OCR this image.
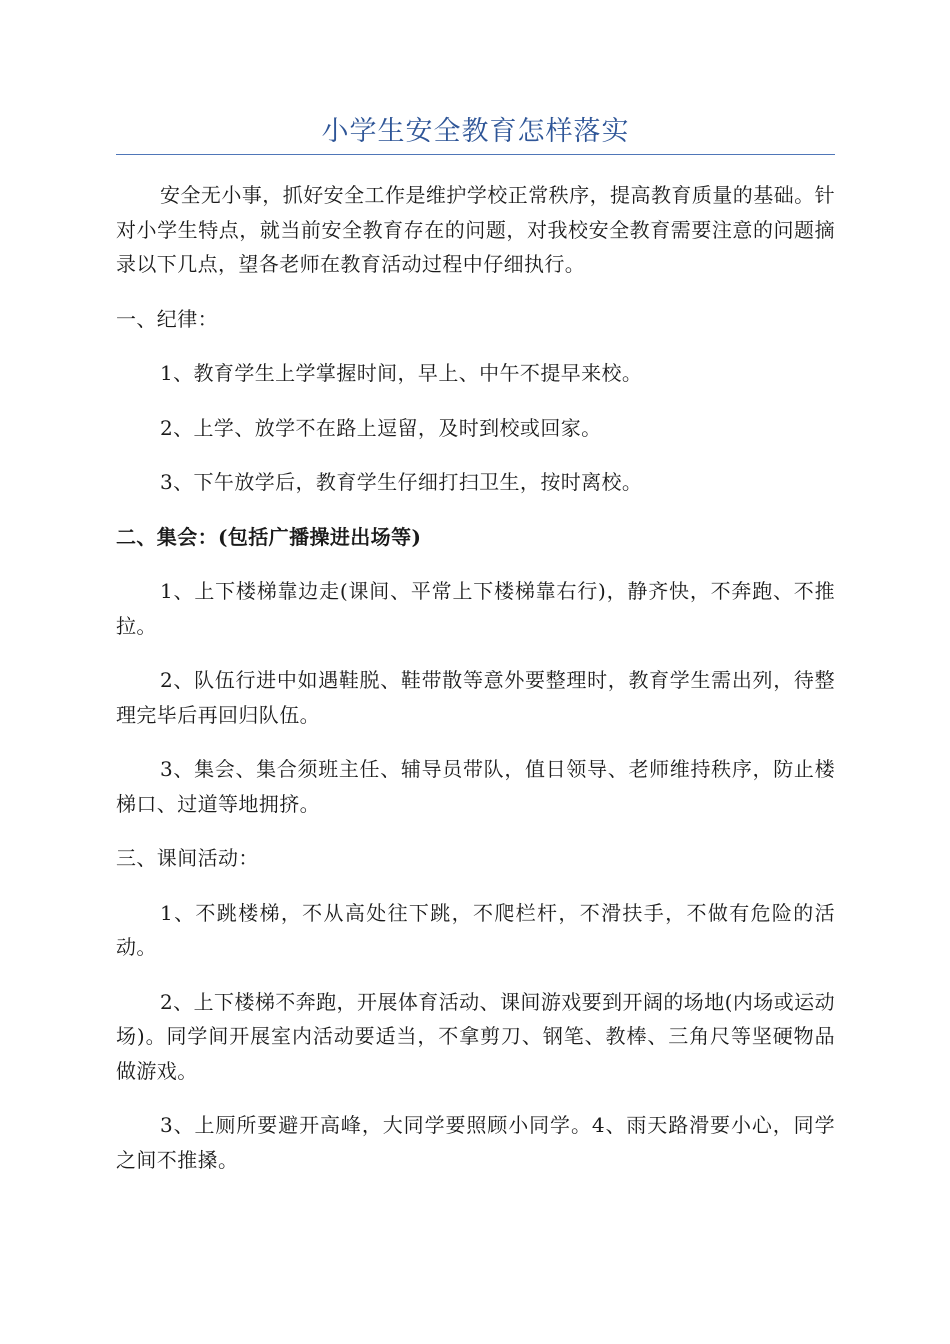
小学生安全教育怎样落实

安全无小事，抓好安全工作是维护学校正常秩序，提高教育质量的基础。针对小学生特点，就当前安全教育存在的问题，对我校安全教育需要注意的问题摘录以下几点，望各老师在教育活动过程中仔细执行。

一、纪律：

1、教育学生上学掌握时间，早上、中午不提早来校。

2、上学、放学不在路上逗留，及时到校或回家。

3、下午放学后，教育学生仔细打扫卫生，按时离校。

二、集会：(包括广播操进出场等)

1、上下楼梯靠边走(课间、平常上下楼梯靠右行)，静齐快，不奔跑、不推拉。

2、队伍行进中如遇鞋脱、鞋带散等意外要整理时，教育学生需出列，待整理完毕后再回归队伍。

3、集会、集合须班主任、辅导员带队，值日领导、老师维持秩序，防止楼梯口、过道等地拥挤。

三、课间活动：

1、不跳楼梯，不从高处往下跳，不爬栏杆，不滑扶手，不做有危险的活动。

2、上下楼梯不奔跑，开展体育活动、课间游戏要到开阔的场地(内场或运动场)。同学间开展室内活动要适当，不拿剪刀、钢笔、教棒、三角尺等坚硬物品做游戏。

3、上厕所要避开高峰，大同学要照顾小同学。4、雨天路滑要小心，同学之间不推搡。
